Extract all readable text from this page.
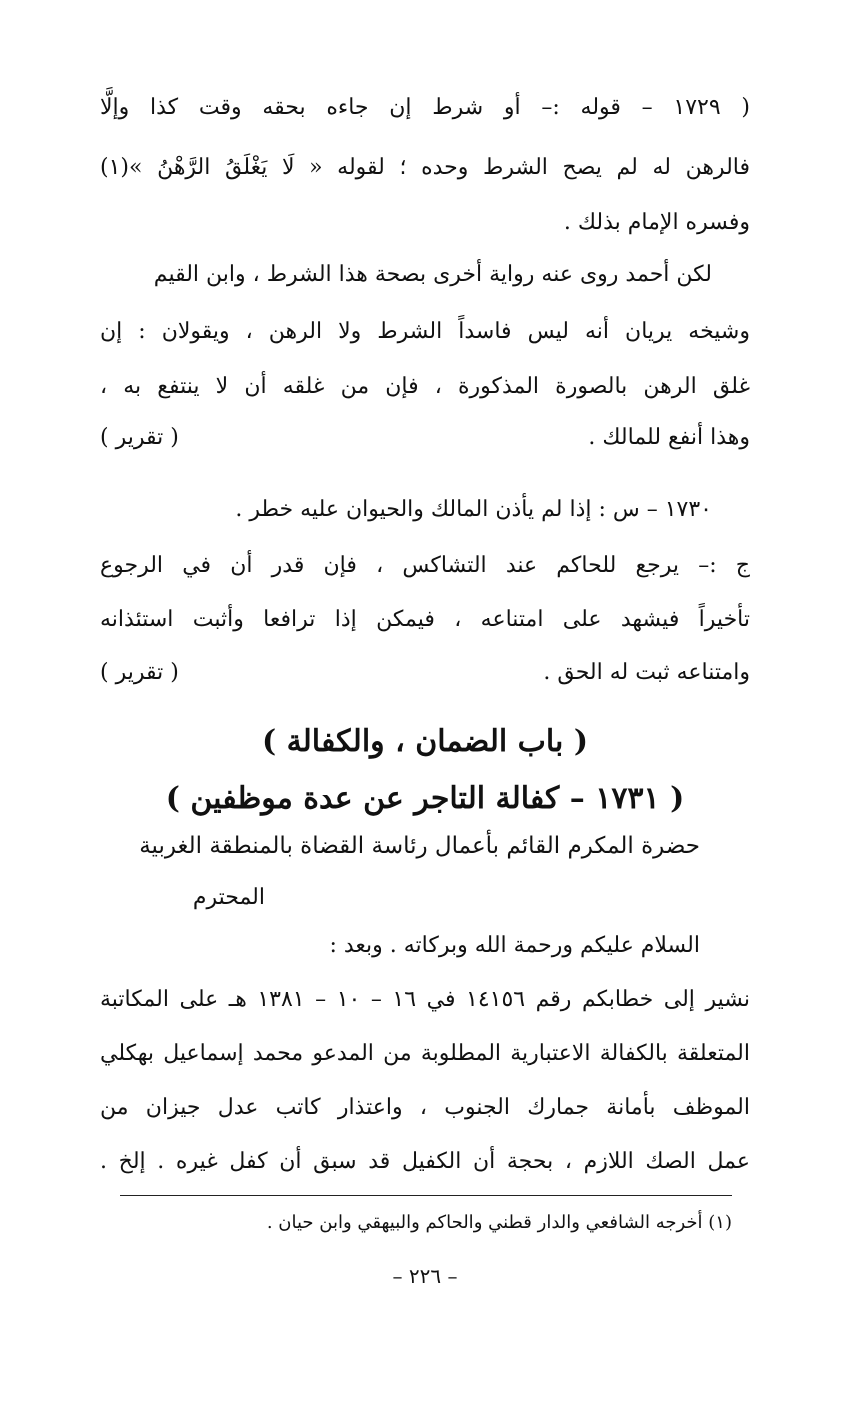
( ١٧٢٩ – قوله :– أو شرط إن جاءه بحقه وقت كذا وإلَّا
فالرهن له لم يصح الشرط وحده ؛ لقوله « لَا يَغْلَقُ الرَّهْنُ »(١)
وفسره الإمام بذلك .
لكن أحمد روى عنه رواية أخرى بصحة هذا الشرط ، وابن القيم
وشيخه يريان أنه ليس فاسداً الشرط ولا الرهن ، ويقولان : إن
غلق الرهن بالصورة المذكورة ، فإن من غلقه أن لا ينتفع به ،
وهذا أنفع للمالك .
( تقرير )
١٧٣٠ – س : إذا لم يأذن المالك والحيوان عليه خطر .
ج :– يرجع للحاكم عند التشاكس ، فإن قدر أن في الرجوع
تأخيراً فيشهد على امتناعه ، فيمكن إذا ترافعا وأثبت استئذانه
وامتناعه ثبت له الحق .
( تقرير )
( باب الضمان ، والكفالة )
( ١٧٣١ – كفالة التاجر عن عدة موظفين )
حضرة المكرم القائم بأعمال رئاسة القضاة بالمنطقة الغربية
المحترم
السلام عليكم ورحمة الله وبركاته . وبعد :
نشير إلى خطابكم رقم ١٤١٥٦ في ١٦ – ١٠ – ١٣٨١ هـ على المكاتبة
المتعلقة بالكفالة الاعتبارية المطلوبة من المدعو محمد إسماعيل بهكلي
الموظف بأمانة جمارك الجنوب ، واعتذار كاتب عدل جيزان من
عمل الصك اللازم ، بحجة أن الكفيل قد سبق أن كفل غيره . إلخ .
(١) أخرجه الشافعي والدار قطني والحاكم والبيهقي وابن حيان .
– ٢٢٦ –
